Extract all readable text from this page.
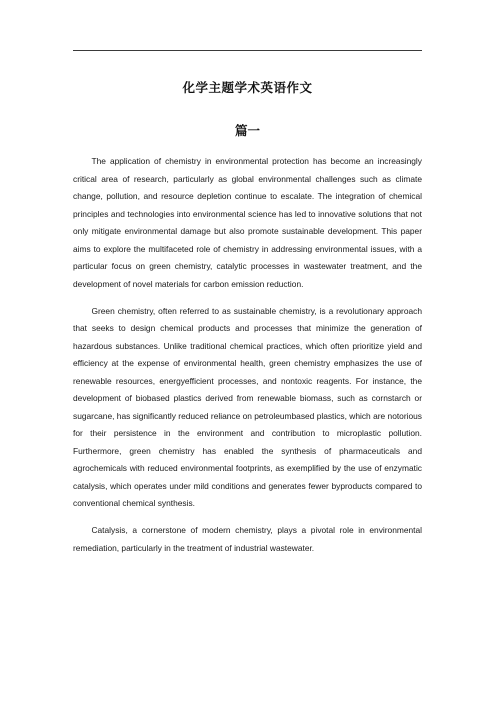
化学主题学术英语作文
篇一

The application of chemistry in environmental protection has become an increasingly critical area of research, particularly as global environmental challenges such as climate change, pollution, and resource depletion continue to escalate. The integration of chemical principles and technologies into environmental science has led to innovative solutions that not only mitigate environmental damage but also promote sustainable development. This paper aims to explore the multifaceted role of chemistry in addressing environmental issues, with a particular focus on green chemistry, catalytic processes in wastewater treatment, and the development of novel materials for carbon emission reduction.

Green chemistry, often referred to as sustainable chemistry, is a revolutionary approach that seeks to design chemical products and processes that minimize the generation of hazardous substances. Unlike traditional chemical practices, which often prioritize yield and efficiency at the expense of environmental health, green chemistry emphasizes the use of renewable resources, energyefficient processes, and nontoxic reagents. For instance, the development of biobased plastics derived from renewable biomass, such as cornstarch or sugarcane, has significantly reduced reliance on petroleumbased plastics, which are notorious for their persistence in the environment and contribution to microplastic pollution. Furthermore, green chemistry has enabled the synthesis of pharmaceuticals and agrochemicals with reduced environmental footprints, as exemplified by the use of enzymatic catalysis, which operates under mild conditions and generates fewer byproducts compared to conventional chemical synthesis.

Catalysis, a cornerstone of modern chemistry, plays a pivotal role in environmental remediation, particularly in the treatment of industrial wastewater.
